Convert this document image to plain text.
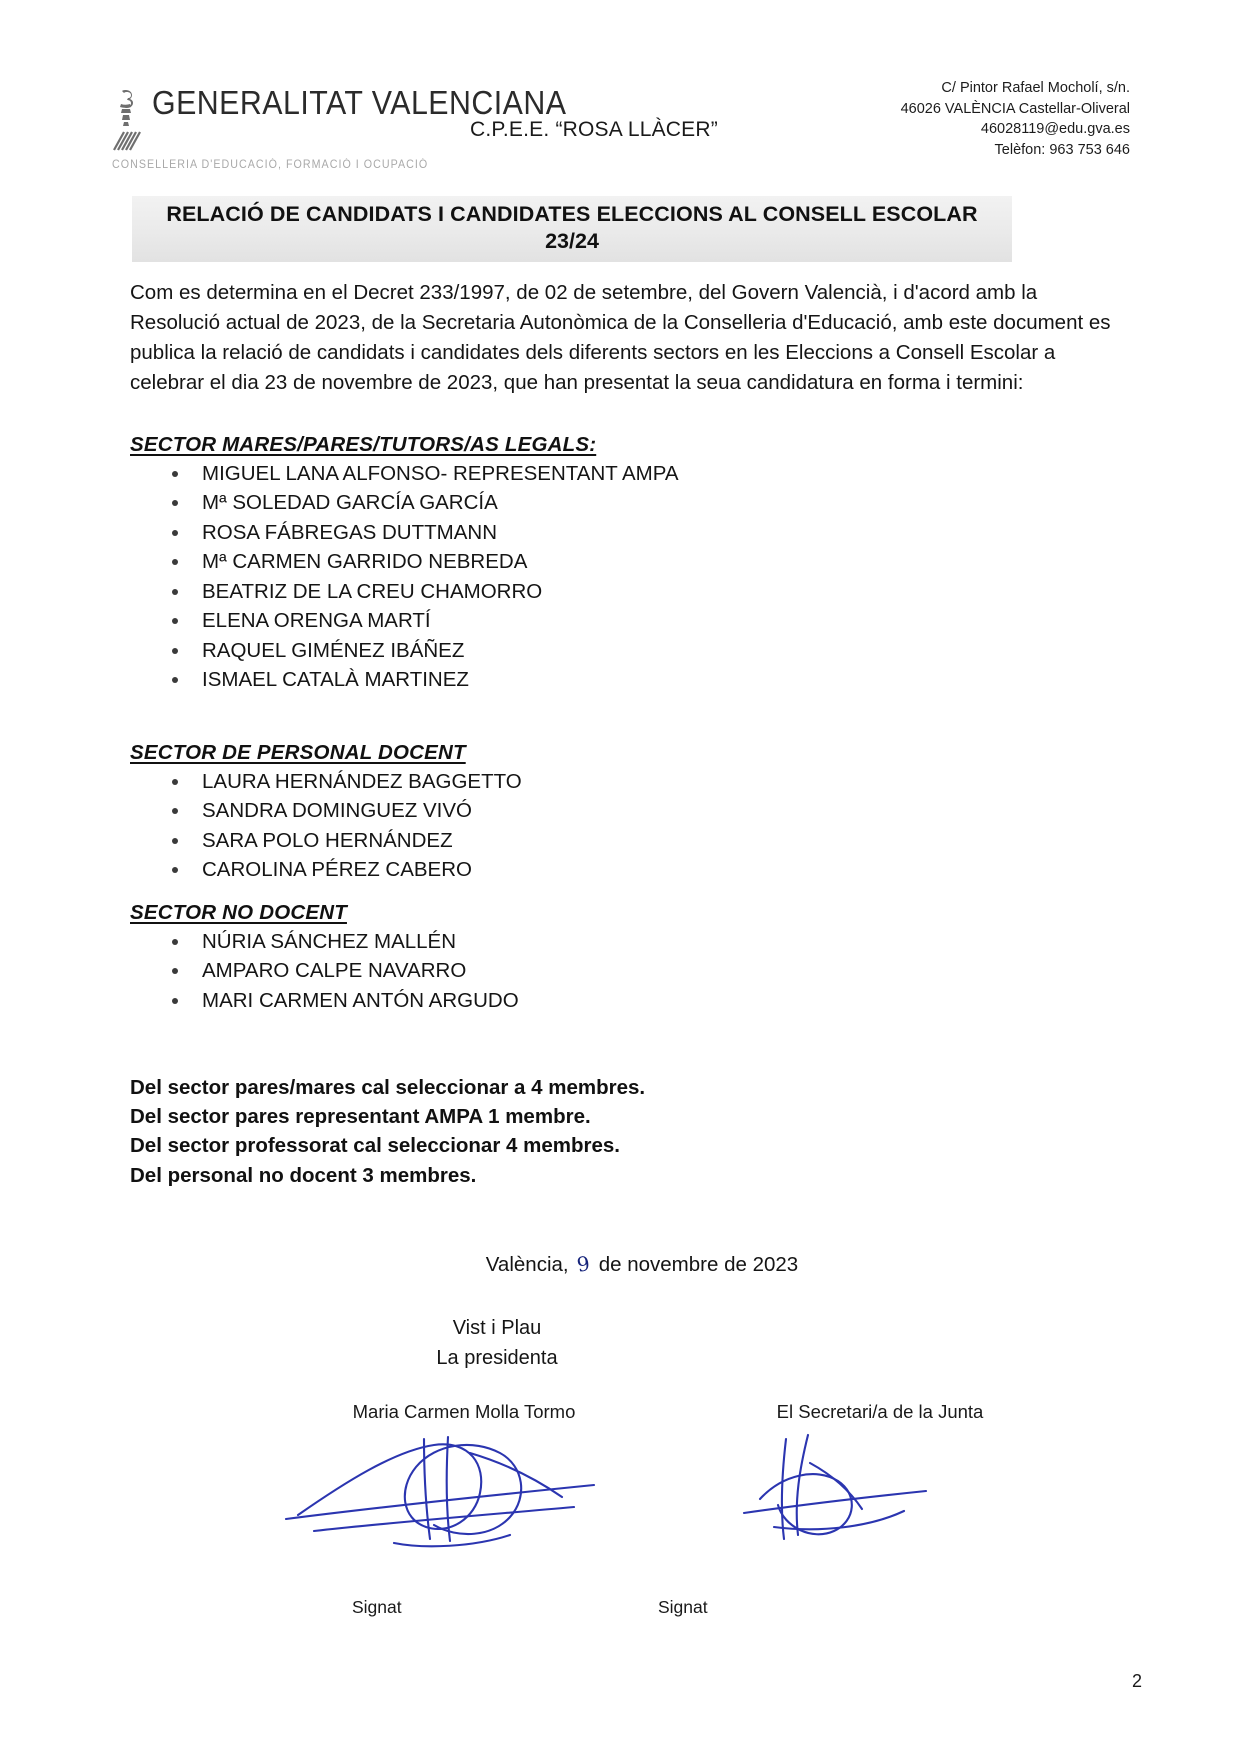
GENERALITAT VALENCIANA
CONSELLERIA D'EDUCACIÓ, FORMACIÓ I OCUPACIÓ
C.P.E.E. “ROSA LLÀCER”
C/ Pintor Rafael Mocholí, s/n.
46026 VALÈNCIA Castellar-Oliveral
46028119@edu.gva.es
Telèfon: 963 753 646
RELACIÓ DE CANDIDATS I CANDIDATES ELECCIONS AL CONSELL ESCOLAR
23/24

Com es determina en el Decret 233/1997, de 02 de setembre, del Govern Valencià, i d'acord amb la Resolució actual de 2023, de la Secretaria Autonòmica de la Conselleria d'Educació, amb este document es publica la relació de candidats i candidates dels diferents sectors en les Eleccions a Consell Escolar a celebrar el dia 23 de novembre de 2023, que han presentat la seua candidatura en forma i termini:

SECTOR MARES/PARES/TUTORS/AS LEGALS:
MIGUEL LANA ALFONSO- REPRESENTANT AMPA
Mª SOLEDAD GARCÍA GARCÍA
ROSA FÁBREGAS DUTTMANN
Mª CARMEN GARRIDO NEBREDA
BEATRIZ DE LA CREU CHAMORRO
ELENA ORENGA MARTÍ
RAQUEL GIMÉNEZ IBÁÑEZ
ISMAEL CATALÀ MARTINEZ
SECTOR DE PERSONAL DOCENT
LAURA HERNÁNDEZ BAGGETTO
SANDRA DOMINGUEZ VIVÓ
SARA POLO HERNÁNDEZ
CAROLINA PÉREZ CABERO
SECTOR NO DOCENT
NÚRIA SÁNCHEZ MALLÉN
AMPARO CALPE NAVARRO
MARI CARMEN ANTÓN ARGUDO
Del sector pares/mares cal seleccionar a 4 membres.
Del sector pares representant AMPA 1 membre.
Del sector professorat cal seleccionar 4 membres.
Del personal no docent 3 membres.
València, 9 de novembre de 2023
Vist i Plau
La presidenta
Maria Carmen Molla Tormo	El Secretari/a de la Junta
Signat	Signat
2
